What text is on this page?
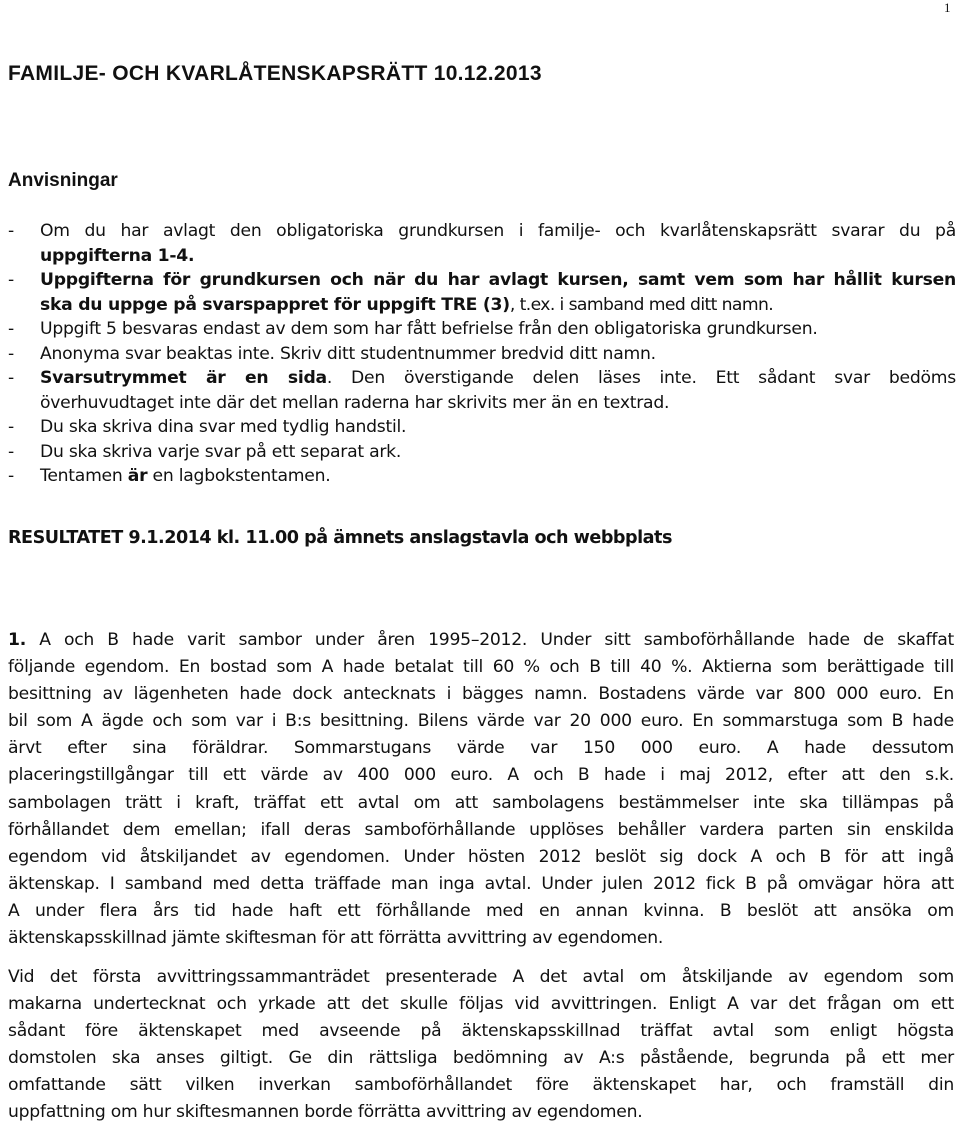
1
FAMILJE- OCH KVARLÅTENSKAPSRÄTT 10.12.2013
Anvisningar
- Om du har avlagt den obligatoriska grundkursen i familje- och kvarlåtenskapsrätt svarar du på
uppgifterna 1-4.
- Uppgifterna för grundkursen och när du har avlagt kursen, samt vem som har hållit kursen
ska du uppge på svarspappret för uppgift TRE (3), t.ex. i samband med ditt namn.
- Uppgift 5 besvaras endast av dem som har fått befrielse från den obligatoriska grundkursen.
- Anonyma svar beaktas inte. Skriv ditt studentnummer bredvid ditt namn.
- Svarsutrymmet är en sida. Den överstigande delen läses inte. Ett sådant svar bedöms
överhuvudtaget inte där det mellan raderna har skrivits mer än en textrad.
- Du ska skriva dina svar med tydlig handstil.
- Du ska skriva varje svar på ett separat ark.
- Tentamen är en lagbokstentamen.

RESULTATET 9.1.2014 kl. 11.00 på ämnets anslagstavla och webbplats

1. A och B hade varit sambor under åren 1995–2012. Under sitt samboförhållande hade de skaffat
följande egendom. En bostad som A hade betalat till 60 % och B till 40 %. Aktierna som berättigade till
besittning av lägenheten hade dock antecknats i bägges namn. Bostadens värde var 800 000 euro. En
bil som A ägde och som var i B:s besittning. Bilens värde var 20 000 euro. En sommarstuga som B hade
ärvt efter sina föräldrar. Sommarstugans värde var 150 000 euro. A hade dessutom
placeringstillgångar till ett värde av 400 000 euro. A och B hade i maj 2012, efter att den s.k.
sambolagen trätt i kraft, träffat ett avtal om att sambolagens bestämmelser inte ska tillämpas på
förhållandet dem emellan; ifall deras samboförhållande upplöses behåller vardera parten sin enskilda
egendom vid åtskiljandet av egendomen. Under hösten 2012 beslöt sig dock A och B för att ingå
äktenskap. I samband med detta träffade man inga avtal. Under julen 2012 fick B på omvägar höra att
A under flera års tid hade haft ett förhållande med en annan kvinna. B beslöt att ansöka om
äktenskapsskillnad jämte skiftesman för att förrätta avvittring av egendomen.
Vid det första avvittringssammanträdet presenterade A det avtal om åtskiljande av egendom som
makarna undertecknat och yrkade att det skulle följas vid avvittringen. Enligt A var det frågan om ett
sådant före äktenskapet med avseende på äktenskapsskillnad träffat avtal som enligt högsta
domstolen ska anses giltigt. Ge din rättsliga bedömning av A:s påstående, begrunda på ett mer
omfattande sätt vilken inverkan samboförhållandet före äktenskapet har, och framställ din
uppfattning om hur skiftesmannen borde förrätta avvittring av egendomen.
